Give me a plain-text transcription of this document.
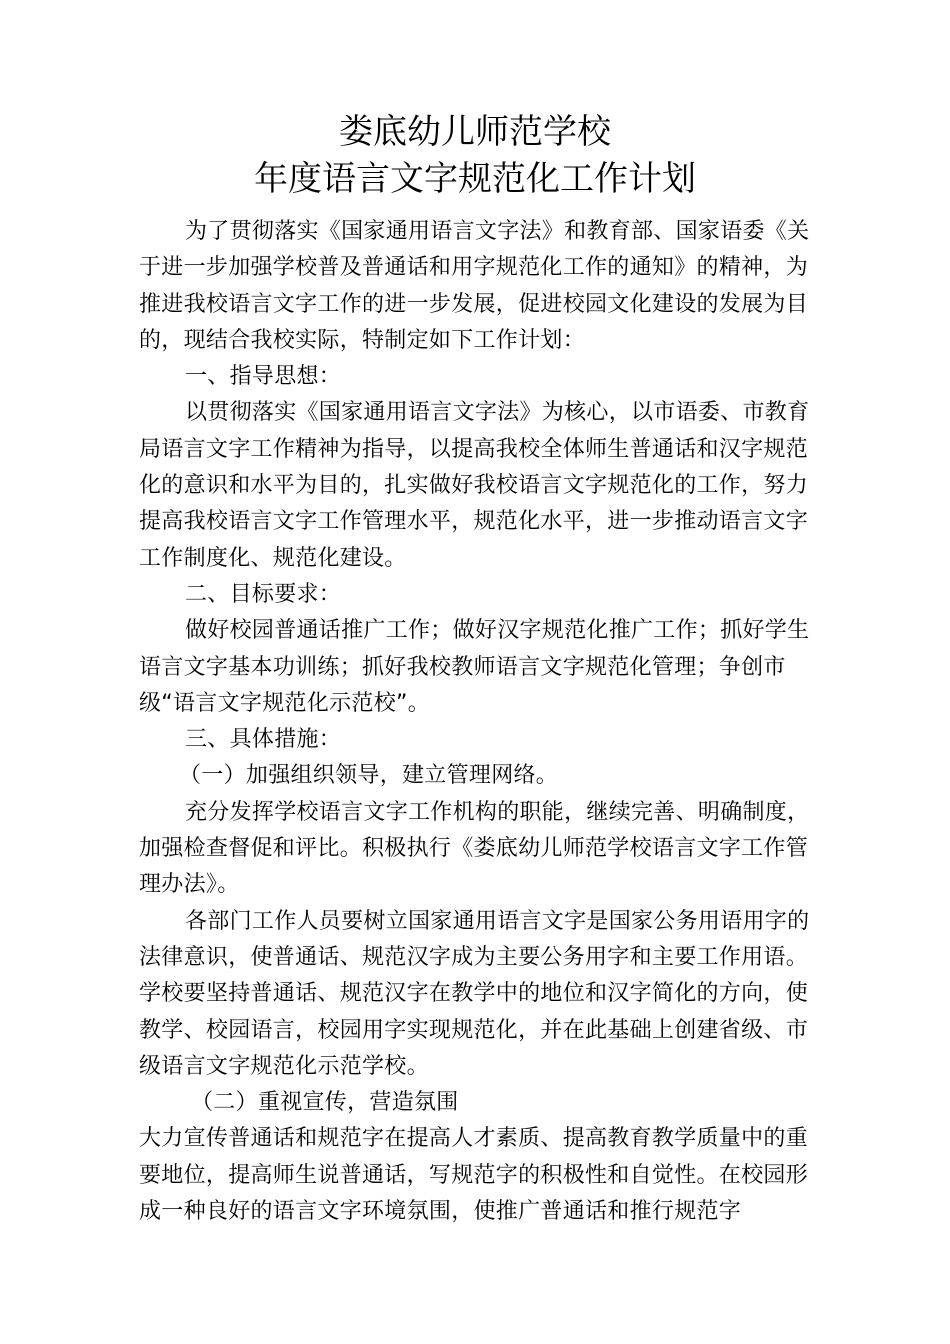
娄底幼儿师范学校
年度语言文字规范化工作计划

为了贯彻落实《国家通用语言文字法》和教育部、国家语委《关于进一步加强学校普及普通话和用字规范化工作的通知》的精神，为推进我校语言文字工作的进一步发展，促进校园文化建设的发展为目的，现结合我校实际，特制定如下工作计划：

一、指导思想：

以贯彻落实《国家通用语言文字法》为核心，以市语委、市教育局语言文字工作精神为指导，以提高我校全体师生普通话和汉字规范化的意识和水平为目的，扎实做好我校语言文字规范化的工作，努力提高我校语言文字工作管理水平，规范化水平，进一步推动语言文字工作制度化、规范化建设。

二、目标要求：

做好校园普通话推广工作；做好汉字规范化推广工作；抓好学生语言文字基本功训练；抓好我校教师语言文字规范化管理；争创市级“语言文字规范化示范校”。

三、具体措施：

（一）加强组织领导，建立管理网络。

充分发挥学校语言文字工作机构的职能，继续完善、明确制度，加强检查督促和评比。积极执行《娄底幼儿师范学校语言文字工作管理办法》。

各部门工作人员要树立国家通用语言文字是国家公务用语用字的法律意识，使普通话、规范汉字成为主要公务用字和主要工作用语。学校要坚持普通话、规范汉字在教学中的地位和汉字简化的方向，使教学、校园语言，校园用字实现规范化，并在此基础上创建省级、市级语言文字规范化示范学校。

（二）重视宣传，营造氛围

大力宣传普通话和规范字在提高人才素质、提高教育教学质量中的重要地位，提高师生说普通话，写规范字的积极性和自觉性。在校园形成一种良好的语言文字环境氛围，使推广普通话和推行规范字
